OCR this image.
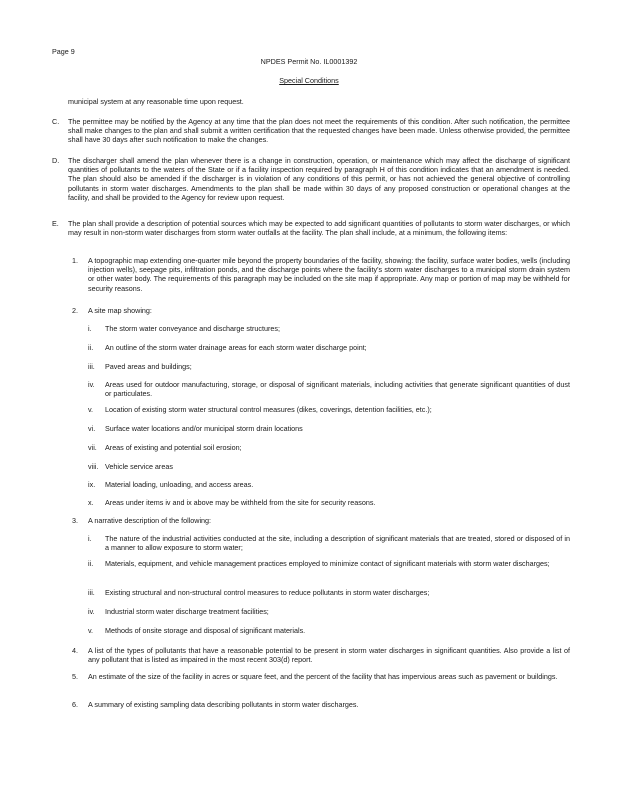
Page 9
NPDES Permit No. IL0001392
Special Conditions
municipal system at any reasonable time upon request.
C.	The permittee may be notified by the Agency at any time that the plan does not meet the requirements of this condition. After such notification, the permittee shall make changes to the plan and shall submit a written certification that the requested changes have been made. Unless otherwise provided, the permittee shall have 30 days after such notification to make the changes.
D.	The discharger shall amend the plan whenever there is a change in construction, operation, or maintenance which may affect the discharge of significant quantities of pollutants to the waters of the State or if a facility inspection required by paragraph H of this condition indicates that an amendment is needed. The plan should also be amended if the discharger is in violation of any conditions of this permit, or has not achieved the general objective of controlling pollutants in storm water discharges. Amendments to the plan shall be made within 30 days of any proposed construction or operational changes at the facility, and shall be provided to the Agency for review upon request.
E.	The plan shall provide a description of potential sources which may be expected to add significant quantities of pollutants to storm water discharges, or which may result in non-storm water discharges from storm water outfalls at the facility. The plan shall include, at a minimum, the following items:
1. A topographic map extending one-quarter mile beyond the property boundaries of the facility, showing: the facility, surface water bodies, wells (including injection wells), seepage pits, infiltration ponds, and the discharge points where the facility's storm water discharges to a municipal storm drain system or other water body. The requirements of this paragraph may be included on the site map if appropriate. Any map or portion of map may be withheld for security reasons.
2. A site map showing:
i. The storm water conveyance and discharge structures;
ii. An outline of the storm water drainage areas for each storm water discharge point;
iii. Paved areas and buildings;
iv. Areas used for outdoor manufacturing, storage, or disposal of significant materials, including activities that generate significant quantities of dust or particulates.
v. Location of existing storm water structural control measures (dikes, coverings, detention facilities, etc.);
vi. Surface water locations and/or municipal storm drain locations
vii. Areas of existing and potential soil erosion;
viii. Vehicle service areas
ix. Material loading, unloading, and access areas.
x. Areas under items iv and ix above may be withheld from the site for security reasons.
3. A narrative description of the following:
i. The nature of the industrial activities conducted at the site, including a description of significant materials that are treated, stored or disposed of in a manner to allow exposure to storm water;
ii. Materials, equipment, and vehicle management practices employed to minimize contact of significant materials with storm water discharges;
iii. Existing structural and non-structural control measures to reduce pollutants in storm water discharges;
iv. Industrial storm water discharge treatment facilities;
v. Methods of onsite storage and disposal of significant materials.
4. A list of the types of pollutants that have a reasonable potential to be present in storm water discharges in significant quantities. Also provide a list of any pollutant that is listed as impaired in the most recent 303(d) report.
5. An estimate of the size of the facility in acres or square feet, and the percent of the facility that has impervious areas such as pavement or buildings.
6. A summary of existing sampling data describing pollutants in storm water discharges.
